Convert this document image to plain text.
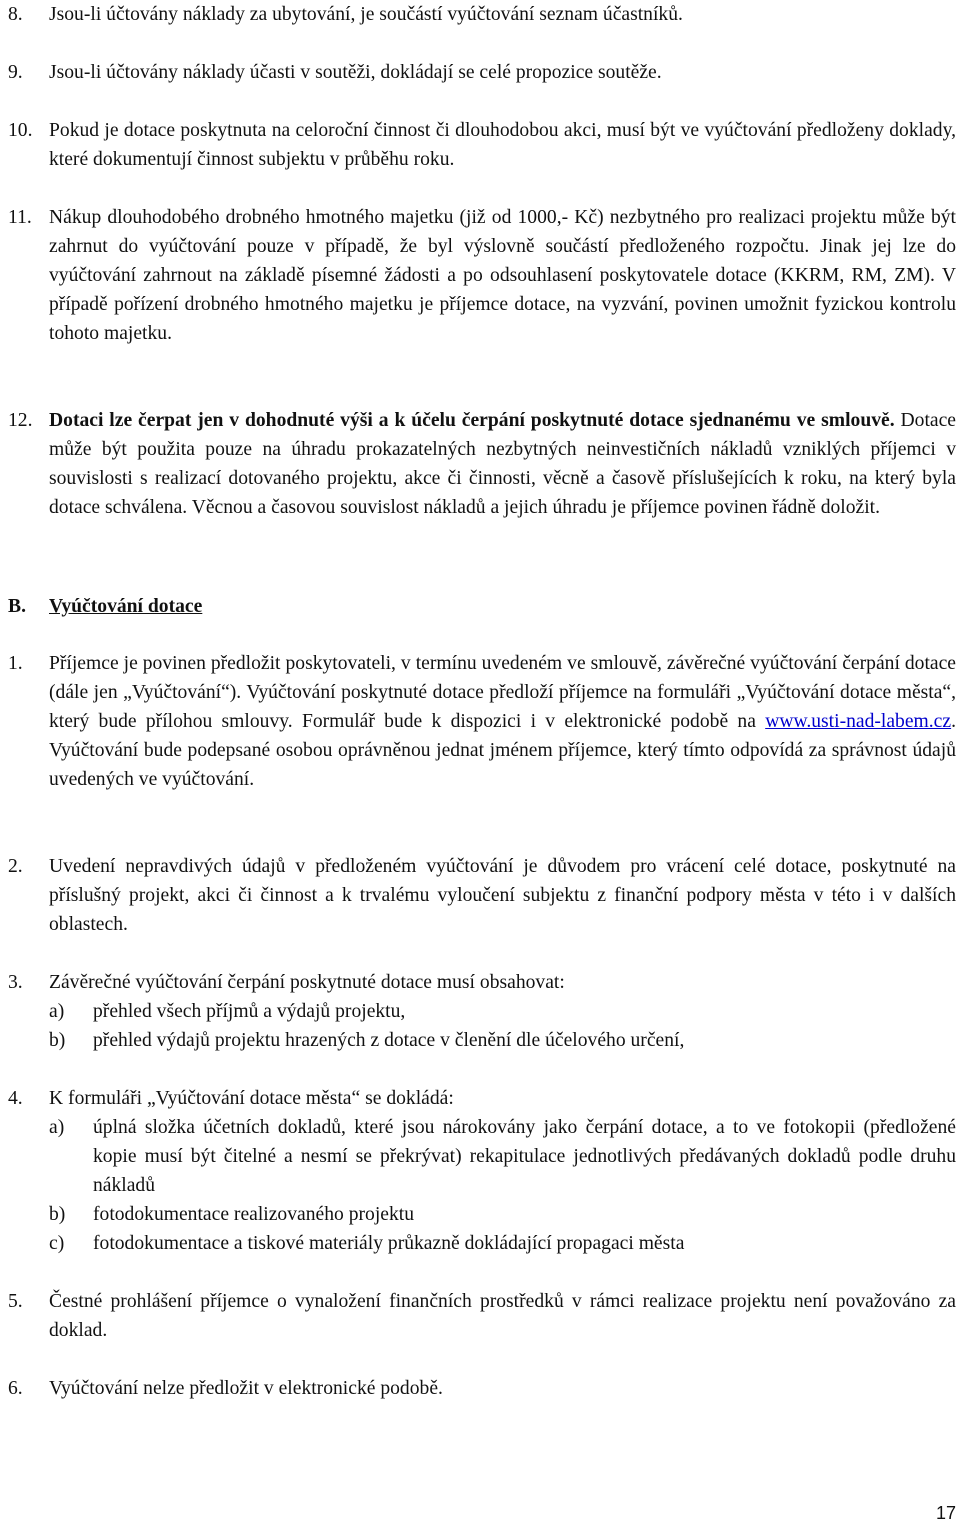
8. Jsou-li účtovány náklady za ubytování, je součástí vyúčtování seznam účastníků.
9. Jsou-li účtovány náklady účasti v soutěži, dokládají se celé propozice soutěže.
10. Pokud je dotace poskytnuta na celoroční činnost či dlouhodobou akci, musí být ve vyúčtování předloženy doklady, které dokumentují činnost subjektu v průběhu roku.
11. Nákup dlouhodobého drobného hmotného majetku (již od 1000,- Kč) nezbytného pro realizaci projektu může být zahrnut do vyúčtování pouze v případě, že byl výslovně součástí předloženého rozpočtu. Jinak jej lze do vyúčtování zahrnout na základě písemné žádosti a po odsouhlasení poskytovatele dotace (KKRM, RM, ZM). V případě pořízení drobného hmotného majetku je příjemce dotace, na vyzvání, povinen umožnit fyzickou kontrolu tohoto majetku.
12. Dotaci lze čerpat jen v dohodnuté výši a k účelu čerpání poskytnuté dotace sjednanému ve smlouvě. Dotace může být použita pouze na úhradu prokazatelných nezbytných neinvestičních nákladů vzniklých příjemci v souvislosti s realizací dotovaného projektu, akce či činnosti, věcně a časově příslušejících k roku, na který byla dotace schválena. Věcnou a časovou souvislost nákladů a jejich úhradu je příjemce povinen řádně doložit.
B. Vyúčtování dotace
1. Příjemce je povinen předložit poskytovateli, v termínu uvedeném ve smlouvě, závěrečné vyúčtování čerpání dotace (dále jen „Vyúčtování“). Vyúčtování poskytnuté dotace předloží příjemce na formuláři „Vyúčtování dotace města“, který bude přílohou smlouvy. Formulář bude k dispozici i v elektronické podobě na www.usti-nad-labem.cz. Vyúčtování bude podepsané osobou oprávněnou jednat jménem příjemce, který tímto odpovídá za správnost údajů uvedených ve vyúčtování.
2. Uvedení nepravdivých údajů v předloženém vyúčtování je důvodem pro vrácení celé dotace, poskytnuté na příslušný projekt, akci či činnost a k trvalému vyloučení subjektu z finanční podpory města v této i v dalších oblastech.
3. Závěrečné vyúčtování čerpání poskytnuté dotace musí obsahovat:
a) přehled všech příjmů a výdajů projektu,
b) přehled výdajů projektu hrazených z dotace v členění dle účelového určení,
4. K formuláři „Vyúčtování dotace města“ se dokládá:
a) úplná složka účetních dokladů, které jsou nárokovány jako čerpání dotace, a to ve fotokopii (předložené kopie musí být čitelné a nesmí se překrývat) rekapitulace jednotlivých předávaných dokladů podle druhu nákladů
b) fotodokumentace realizovaného projektu
c) fotodokumentace a tiskové materiály průkazně dokládající propagaci města
5. Čestné prohlášení příjemce o vynaložení finančních prostředků v rámci realizace projektu není považováno za doklad.
6. Vyúčtování nelze předložit v elektronické podobě.
17
